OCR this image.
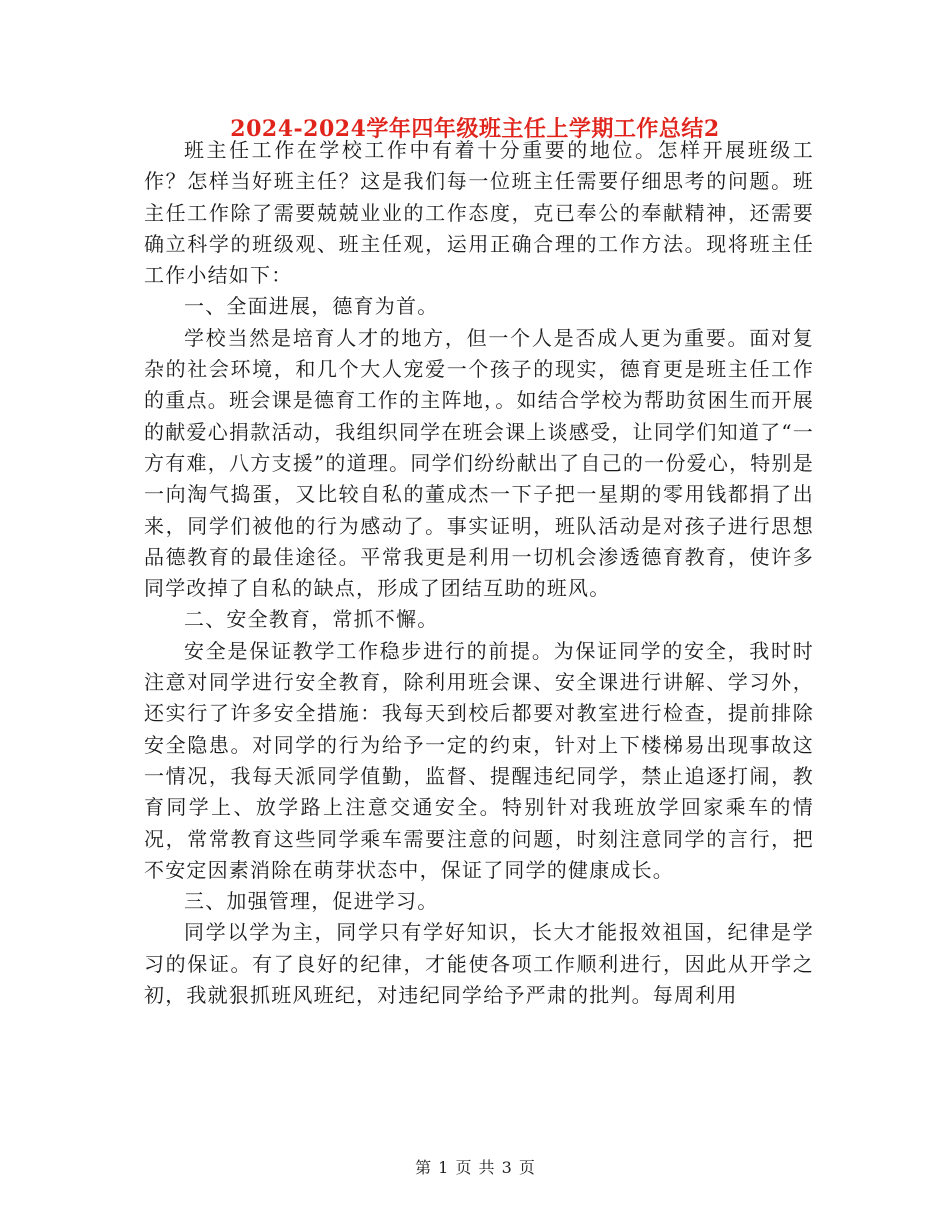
2024-2024学年四年级班主任上学期工作总结2

班主任工作在学校工作中有着十分重要的地位。怎样开展班级工作？怎样当好班主任？这是我们每一位班主任需要仔细思考的问题。班主任工作除了需要兢兢业业的工作态度，克已奉公的奉献精神，还需要确立科学的班级观、班主任观，运用正确合理的工作方法。现将班主任工作小结如下：

一、全面进展，德育为首。

学校当然是培育人才的地方，但一个人是否成人更为重要。面对复杂的社会环境，和几个大人宠爱一个孩子的现实，德育更是班主任工作的重点。班会课是德育工作的主阵地，。如结合学校为帮助贫困生而开展的献爱心捐款活动，我组织同学在班会课上谈感受，让同学们知道了“一方有难，八方支援”的道理。同学们纷纷献出了自己的一份爱心，特别是一向淘气捣蛋，又比较自私的董成杰一下子把一星期的零用钱都捐了出来，同学们被他的行为感动了。事实证明，班队活动是对孩子进行思想品德教育的最佳途径。平常我更是利用一切机会渗透德育教育，使许多同学改掉了自私的缺点，形成了团结互助的班风。

二、安全教育，常抓不懈。

安全是保证教学工作稳步进行的前提。为保证同学的安全，我时时注意对同学进行安全教育，除利用班会课、安全课进行讲解、学习外，还实行了许多安全措施：我每天到校后都要对教室进行检查，提前排除安全隐患。对同学的行为给予一定的约束，针对上下楼梯易出现事故这一情况，我每天派同学值勤，监督、提醒违纪同学，禁止追逐打闹，教育同学上、放学路上注意交通安全。特别针对我班放学回家乘车的情况，常常教育这些同学乘车需要注意的问题，时刻注意同学的言行，把不安定因素消除在萌芽状态中，保证了同学的健康成长。

三、加强管理，促进学习。

同学以学为主，同学只有学好知识，长大才能报效祖国，纪律是学习的保证。有了良好的纪律，才能使各项工作顺利进行，因此从开学之初，我就狠抓班风班纪，对违纪同学给予严肃的批判。每周利用

第 1 页 共 3 页
